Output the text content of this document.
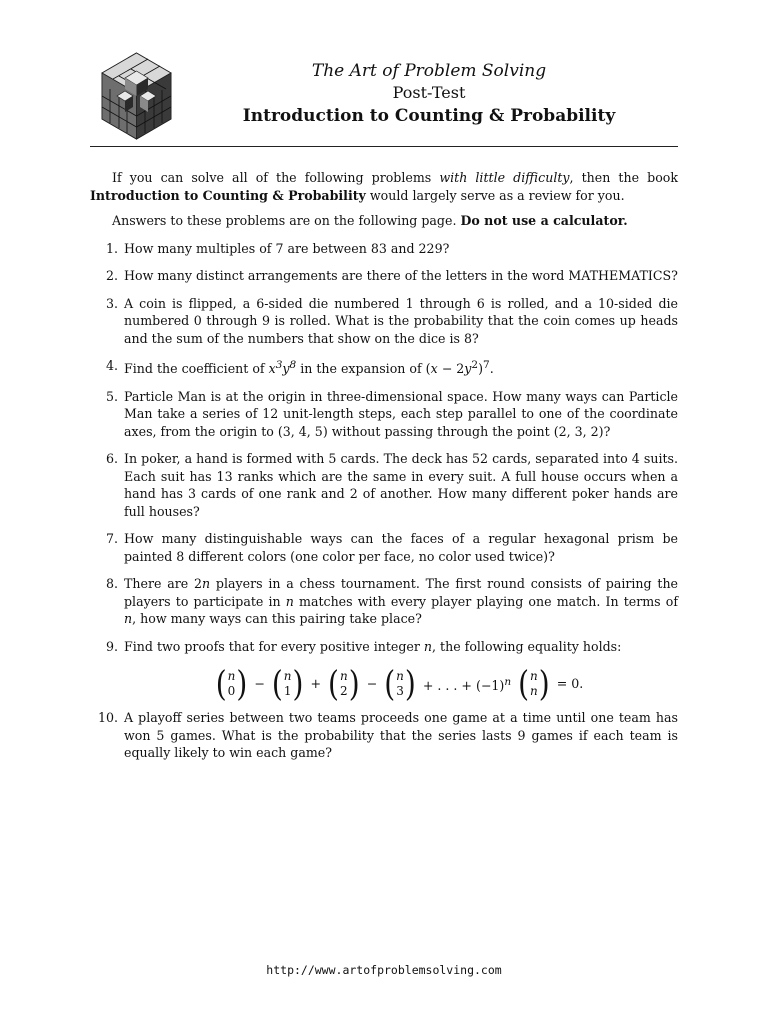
The Art of Problem Solving
Post-Test
Introduction to Counting & Probability

If you can solve all of the following problems with little difficulty, then the book Introduction to Counting & Probability would largely serve as a review for you.

Answers to these problems are on the following page. Do not use a calculator.

1. How many multiples of 7 are between 83 and 229?
2. How many distinct arrangements are there of the letters in the word MATHEMATICS?
3. A coin is flipped, a 6-sided die numbered 1 through 6 is rolled, and a 10-sided die numbered 0 through 9 is rolled. What is the probability that the coin comes up heads and the sum of the numbers that show on the dice is 8?
4. Find the coefficient of $x^3y^8$ in the expansion of $(x - 2y^2)^7$.
5. Particle Man is at the origin in three-dimensional space. How many ways can Particle Man take a series of 12 unit-length steps, each step parallel to one of the coordinate axes, from the origin to (3, 4, 5) without passing through the point (2, 3, 2)?
6. In poker, a hand is formed with 5 cards. The deck has 52 cards, separated into 4 suits. Each suit has 13 ranks which are the same in every suit. A full house occurs when a hand has 3 cards of one rank and 2 of another. How many different poker hands are full houses?
7. How many distinguishable ways can the faces of a regular hexagonal prism be painted 8 different colors (one color per face, no color used twice)?
8. There are 2n players in a chess tournament. The first round consists of pairing the players to participate in n matches with every player playing one match. In terms of n, how many ways can this pairing take place?
9. Find two proofs that for every positive integer n, the following equality holds:
( n
0 ) − ( n
1 ) + ( n
2 ) − ( n
3 ) + . . . + $(-1)^n$ ( n
n ) = 0.
10. A playoff series between two teams proceeds one game at a time until one team has won 5 games. What is the probability that the series lasts 9 games if each team is equally likely to win each game?
http://www.artofproblemsolving.com
